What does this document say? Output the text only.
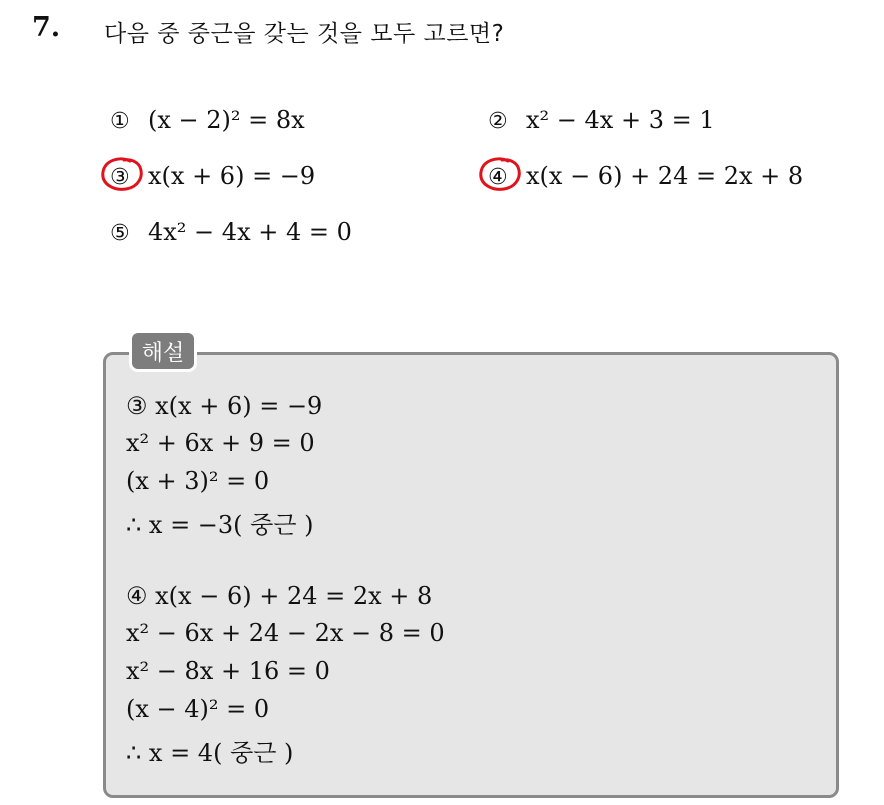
7. 다음 중 중근을 갖는 것을 모두 고르면?
① (x − 2)² = 8x	② x² − 4x + 3 = 1
③ x(x + 6) = −9	④ x(x − 6) + 24 = 2x + 8
⑤ 4x² − 4x + 4 = 0
해설
③ x(x + 6) = −9
x² + 6x + 9 = 0
(x + 3)² = 0
∴ x = −3( 중근 )
④ x(x − 6) + 24 = 2x + 8
x² − 6x + 24 − 2x − 8 = 0
x² − 8x + 16 = 0
(x − 4)² = 0
∴ x = 4( 중근 )
